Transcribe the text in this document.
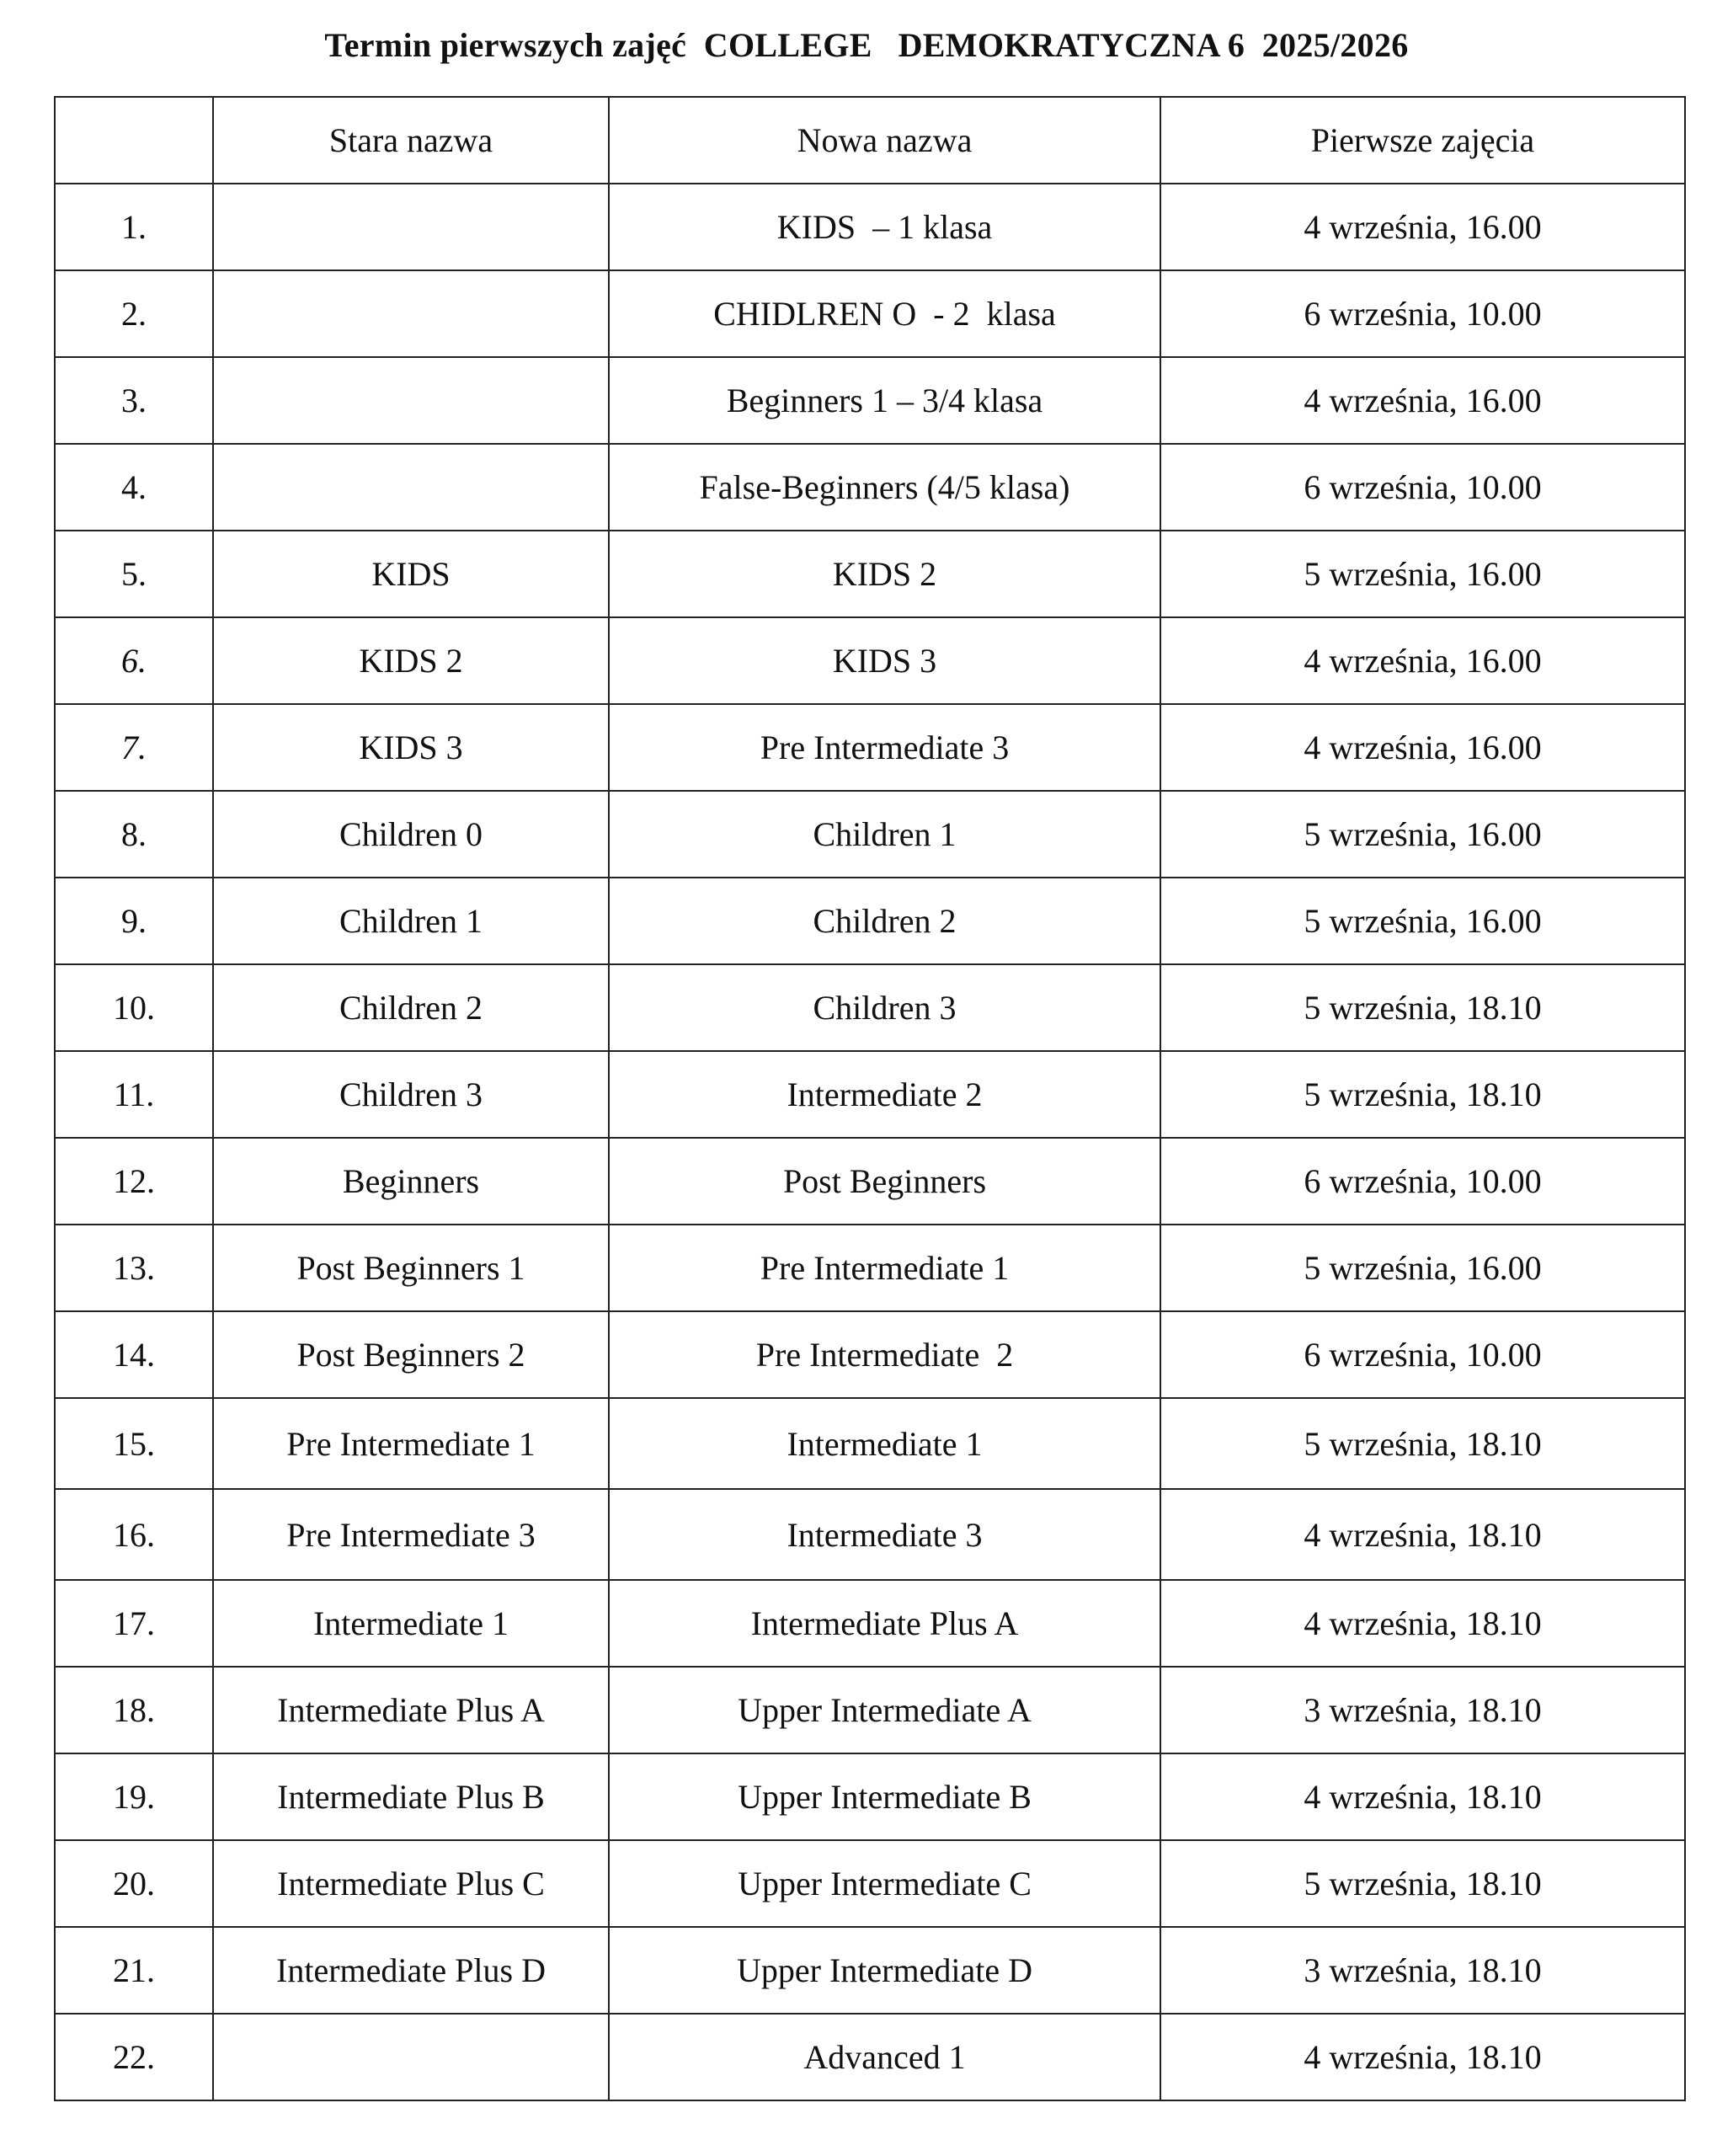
Termin pierwszych zajęć  COLLEGE   DEMOKRATYCZNA 6  2025/2026
	Stara nazwa	Nowa nazwa	Pierwsze zajęcia
1.		KIDS  – 1 klasa	4 września, 16.00
2.		CHIDLREN O  - 2  klasa	6 września, 10.00
3.		Beginners 1 – 3/4 klasa	4 września, 16.00
4.		False-Beginners (4/5 klasa)	6 września, 10.00
5.	KIDS	KIDS 2	5 września, 16.00
6.	KIDS 2	KIDS 3	4 września, 16.00
7.	KIDS 3	Pre Intermediate 3	4 września, 16.00
8.	Children 0	Children 1	5 września, 16.00
9.	Children 1	Children 2	5 września, 16.00
10.	Children 2	Children 3	5 września, 18.10
11.	Children 3	Intermediate 2	5 września, 18.10
12.	Beginners	Post Beginners	6 września, 10.00
13.	Post Beginners 1	Pre Intermediate 1	5 września, 16.00
14.	Post Beginners 2	Pre Intermediate  2	6 września, 10.00
15.	Pre Intermediate 1	Intermediate 1	5 września, 18.10
16.	Pre Intermediate 3	Intermediate 3	4 września, 18.10
17.	Intermediate 1	Intermediate Plus A	4 września, 18.10
18.	Intermediate Plus A	Upper Intermediate A	3 września, 18.10
19.	Intermediate Plus B	Upper Intermediate B	4 września, 18.10
20.	Intermediate Plus C	Upper Intermediate C	5 września, 18.10
21.	Intermediate Plus D	Upper Intermediate D	3 września, 18.10
22.		Advanced 1	4 września, 18.10
